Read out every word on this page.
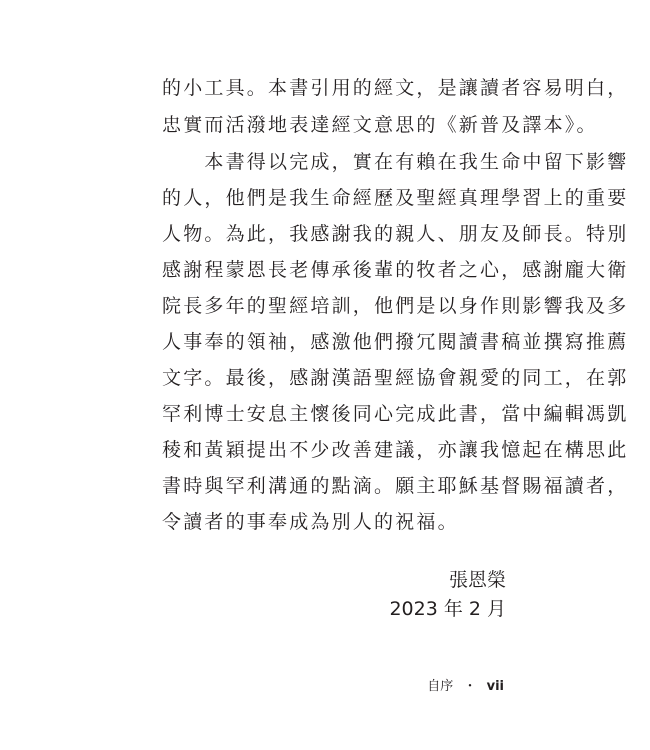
的小工具。本書引用的經文，是讓讀者容易明白，
忠實而活潑地表達經文意思的《新普及譯本》。
　　本書得以完成，實在有賴在我生命中留下影響
的人，他們是我生命經歷及聖經真理學習上的重要
人物。為此，我感謝我的親人、朋友及師長。特別
感謝程蒙恩長老傳承後輩的牧者之心，感謝龐大衛
院長多年的聖經培訓，他們是以身作則影響我及多
人事奉的領袖，感激他們撥冗閱讀書稿並撰寫推薦
文字。最後，感謝漢語聖經協會親愛的同工，在郭
罕利博士安息主懷後同心完成此書，當中編輯馮凱
稜和黃穎提出不少改善建議，亦讓我憶起在構思此
書時與罕利溝通的點滴。願主耶穌基督賜福讀者，
令讀者的事奉成為別人的祝福。
張恩榮
2023 年 2 月
自序 ・ vii
